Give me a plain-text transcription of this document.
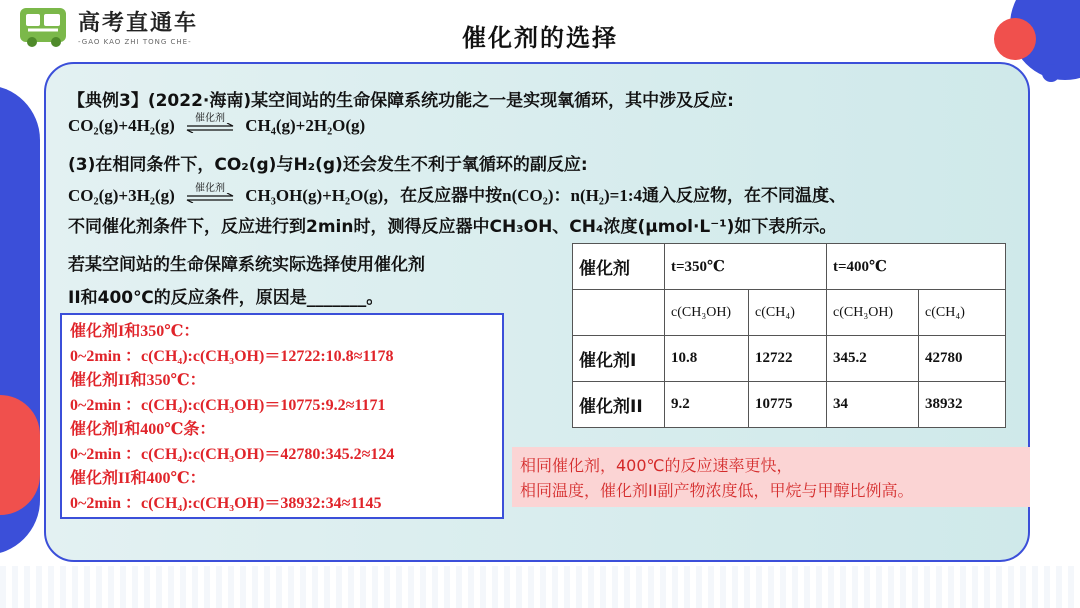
高考直通车
-GAO KAO ZHI TONG CHE-	催化剂的选择
【典例3】(2022·海南)某空间站的生命保障系统功能之一是实现氧循环，其中涉及反应:
CO₂(g)+4H₂(g)	催化剂	CH₄(g)+2H₂O(g)
(3)在相同条件下，CO₂(g)与H₂(g)还会发生不利于氧循环的副反应:
CO₂(g)+3H₂(g)	催化剂	CH₃OH(g)+H₂O(g)，在反应器中按n(CO₂)：n(H₂)=1:4通入反应物，在不同温度、
不同催化剂条件下，反应进行到2min时，测得反应器中CH₃OH、CH₄浓度(μmol·L⁻¹)如下表所示。
若某空间站的生命保障系统实际选择使用催化剂
II和400℃的反应条件，原因是_______。
催化剂I和350℃：
0~2min ：c(CH₄):c(CH₃OH)＝12722:10.8≈1178
催化剂II和350℃：
0~2min ：c(CH₄):c(CH₃OH)＝10775:9.2≈1171
催化剂I和400℃条：
0~2min ：c(CH₄):c(CH₃OH)＝42780:345.2≈124
催化剂II和400℃：
0~2min ：c(CH₄):c(CH₃OH)＝38932:34≈1145
催化剂	t=350℃		t=400℃	
	c(CH₃OH)	c(CH₄)	c(CH₃OH)	c(CH₄)
催化剂I	10.8	12722	345.2	42780
催化剂II	9.2	10775	34	38932
相同催化剂，400℃的反应速率更快，
相同温度，催化剂II副产物浓度低，甲烷与甲醇比例高。
